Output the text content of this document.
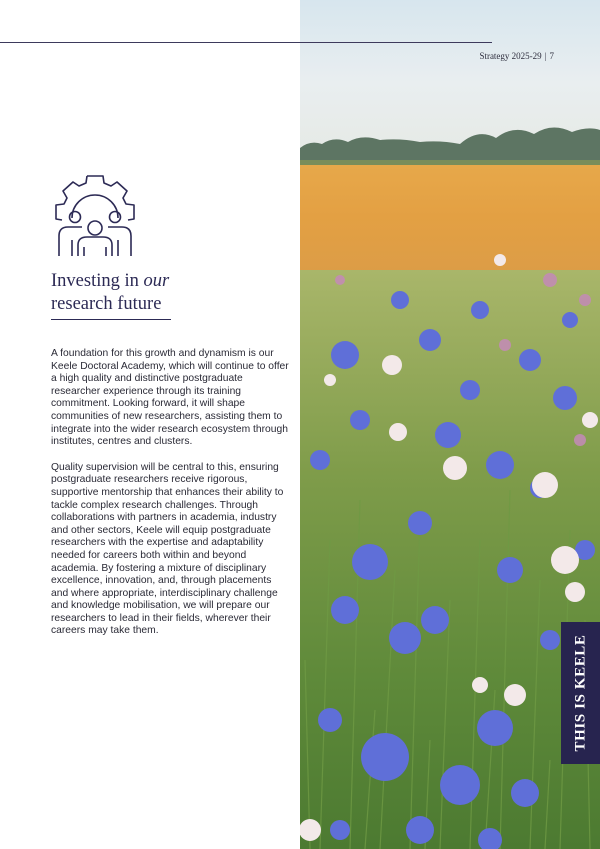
Strategy 2025-29 | 7
Investing in our
research future

A foundation for this growth and dynamism is our Keele Doctoral Academy, which will continue to offer a high quality and distinctive postgraduate researcher experience through its training commitment. Looking forward, it will shape communities of new researchers, assisting them to integrate into the wider research ecosystem through institutes, centres and clusters.

Quality supervision will be central to this, ensuring postgraduate researchers receive rigorous, supportive mentorship that enhances their ability to tackle complex research challenges. Through collaborations with partners in academia, industry and other sectors, Keele will equip postgraduate researchers with the expertise and adaptability needed for careers both within and beyond academia. By fostering a mixture of disciplinary excellence, innovation, and, through placements and where appropriate, interdisciplinary challenge and knowledge mobilisation, we will prepare our researchers to lead in their fields, wherever their careers may take them.

THIS IS KEELE
